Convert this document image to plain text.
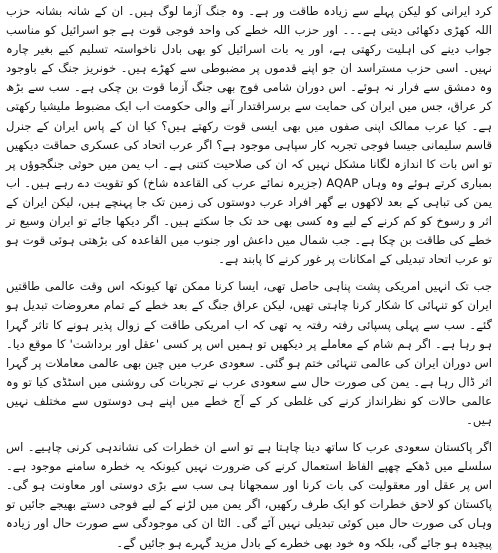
کرد ایرانی کو لیکن پہلے سے زیادہ طاقت ور ہے۔ وہ جنگ آزما لوگ ہیں۔ ان کے شانہ بشانہ حزب اللہ کھڑی دکھائی دیتی ہے۔۔۔ اور حزب اللہ خطے کی واحد فوجی قوت ہے جو اسرائیل کو مناسب جواب دینے کی اہلیت رکھتی ہے، اور یہ بات اسرائیل کو بھی بادل ناخواستہ تسلیم کیے بغیر چارہ نہیں۔ اسی حزب مستراسد ان جو اپنے قدموں پر مضبوطی سے کھڑے ہیں۔ خونریز جنگ کے باوجود وہ دمشق سے فرار نہ ہوئے۔ اس دوران شامی فوج بھی جنگ آزما قوت بن چکی ہے۔ سب سے بڑھ کر عراق، جس میں ایران کی حمایت سے برسراقتدار آنے والی حکومت اب ایک مضبوط ملیشیا رکھتی ہے۔ کیا عرب ممالک اپنی صفوں میں بھی ایسی قوت رکھتے ہیں؟ کیا ان کے پاس ایران کے جنرل قاسم سلیمانی جیسا فوجی تجربہ کار سپاہی موجود ہے؟ اگر عرب اتحاد کی عسکری حماقت دیکھیں تو اس بات کا اندازہ لگانا مشکل نہیں کہ ان کی صلاحیت کتنی ہے۔ اب یمن میں حوثی جنگجوؤں پر بمباری کرتے ہوئے وہ وہاں AQAP (جزیرہ نمائے عرب کی القاعدہ شاخ) کو تقویت دے رہے ہیں۔ اب یمن کی تباہی کے بعد لاکھوں بے گھر افراد عرب دوستوں کی زمین تک جا پہنچے ہیں، لیکن ایران کے اثر و رسوخ کو کم کرنے کے لیے وہ کسی بھی حد تک جا سکتے ہیں۔ اگر دیکھا جائے تو ایران وسیع تر خطے کی طاقت بن چکا ہے۔ جب شمال میں داعش اور جنوب میں القاعدہ کی بڑھتی ہوئی قوت ہو تو عرب اتحاد تبدیلی کے امکانات پر غور کرنے کا پابند ہے۔

جب تک انہیں امریکی پشت پناہی حاصل تھی، ایسا کرنا ممکن تھا کیونکہ اس وقت عالمی طاقتیں ایران کو تنہائی کا شکار کرنا چاہتی تھیں، لیکن عراق جنگ کے بعد خطے کے تمام معروضات تبدیل ہو گئے۔ سب سے پہلی پسپائی رفتہ رفتہ یہ تھی کہ اب امریکی طاقت کے زوال پذیر ہونے کا تاثر گہرا ہو رہا ہے۔ اگر ہم شام کے معاملے پر دیکھیں تو ہمیں اس پر کسی 'عقل اور برداشت' کا موقع دیا۔ اس دوران ایران کی عالمی تنہائی ختم ہو گئی۔ سعودی عرب میں چین بھی عالمی معاملات پر گہرا اثر ڈال رہا ہے۔ یمن کی صورت حال سے سعودی عرب نے تجربات کی روشنی میں اسٹڈی کیا تو وہ عالمی حالات کو نظرانداز کرنے کی غلطی کر کے آج خطے میں اپنے ہی دوستوں سے مختلف نہیں ہیں۔

اگر پاکستان سعودی عرب کا ساتھ دینا چاہتا ہے تو اسے ان خطرات کی نشاندہی کرنی چاہیے۔ اس سلسلے میں ڈھکے چھپے الفاظ استعمال کرنے کی ضرورت نہیں کیونکہ یہ خطرہ سامنے موجود ہے۔ اس پر عقل اور معقولیت کی بات کرنا اور سمجھانا ہی سب سے بڑی دوستی اور معاونت ہو گی۔ پاکستان کو لاحق خطرات کو ایک طرف رکھیں، اگر یمن میں لڑنے کے لیے فوجی دستے بھیجے جائیں تو وہاں کی صورت حال میں کوئی تبدیلی نہیں آئے گی۔ الٹا ان کی موجودگی سے صورت حال اور زیادہ پیچیدہ ہو جائے گی، بلکہ وہ خود بھی خطرے کے بادل مزید گہرے ہو جائیں گے۔
